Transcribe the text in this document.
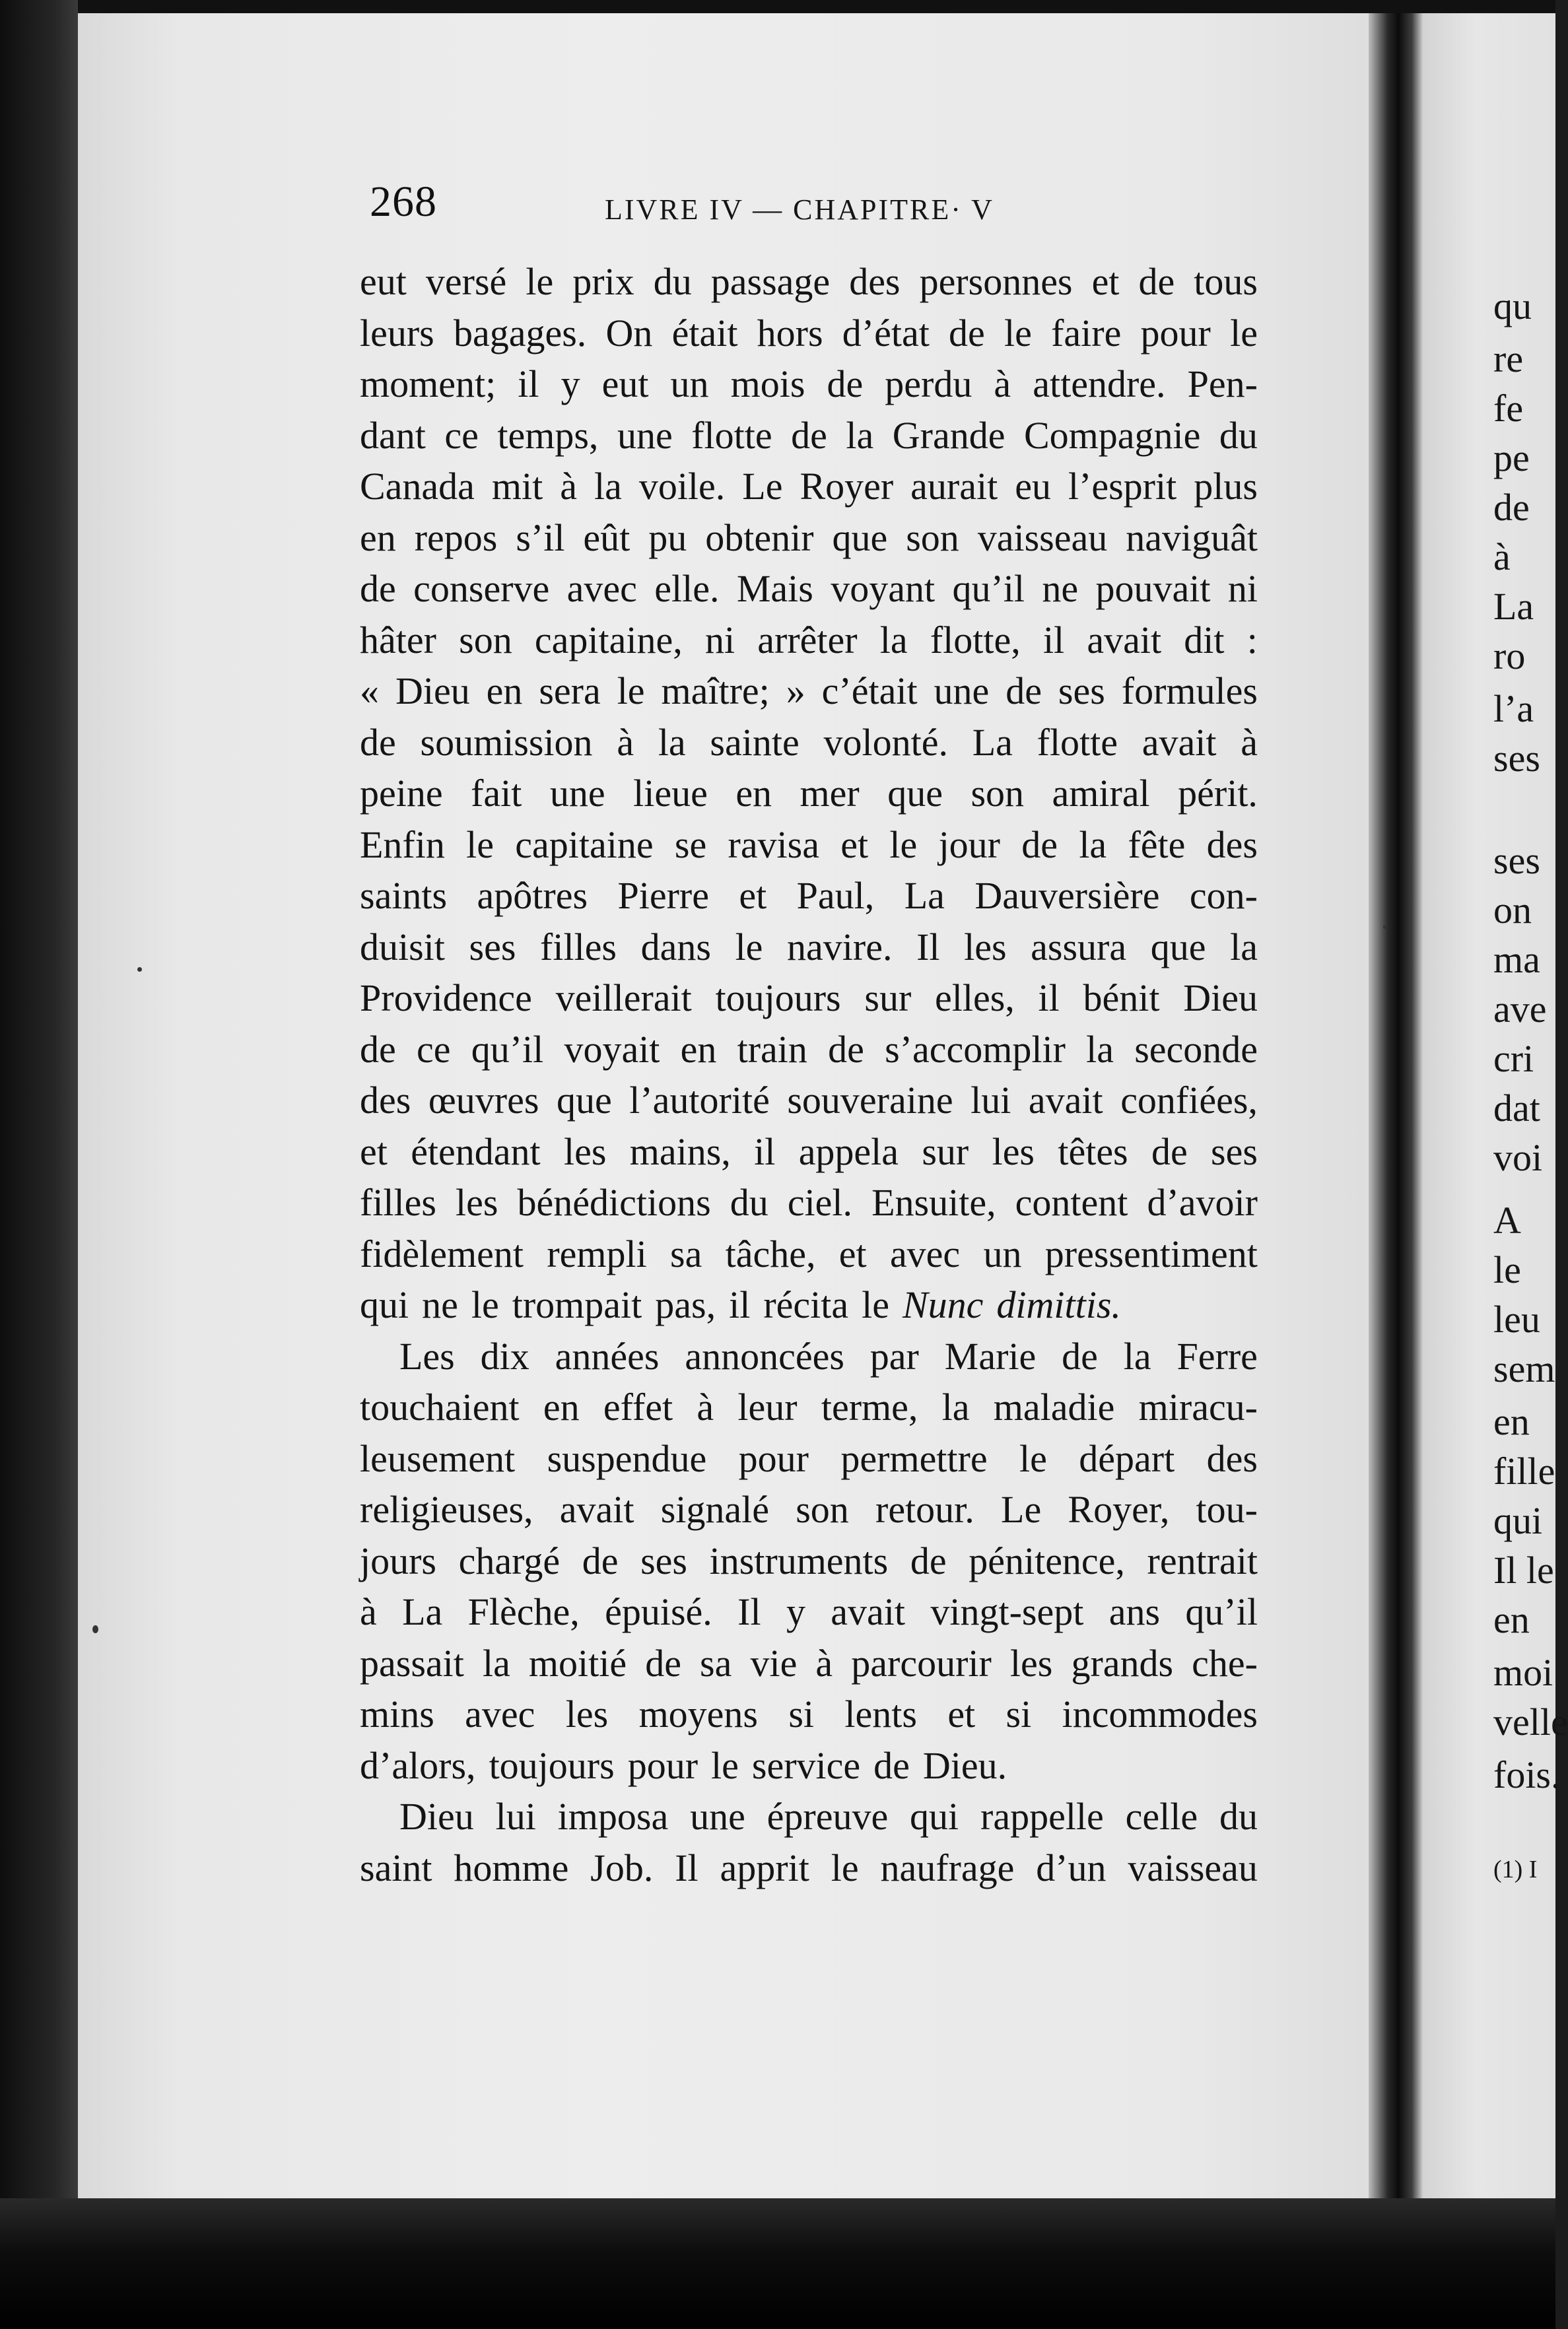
268	LIVRE IV — CHAPITRE· V
eut versé le prix du passage des personnes et de tous
leurs bagages. On était hors d’état de le faire pour le
moment; il y eut un mois de perdu à attendre. Pen-
dant ce temps, une flotte de la Grande Compagnie du
Canada mit à la voile. Le Royer aurait eu l’esprit plus
en repos s’il eût pu obtenir que son vaisseau naviguât
de conserve avec elle. Mais voyant qu’il ne pouvait ni
hâter son capitaine, ni arrêter la flotte, il avait dit :
« Dieu en sera le maître; » c’était une de ses formules
de soumission à la sainte volonté. La flotte avait à
peine fait une lieue en mer que son amiral périt.
Enfin le capitaine se ravisa et le jour de la fête des
saints apôtres Pierre et Paul, La Dauversière con-
duisit ses filles dans le navire. Il les assura que la
Providence veillerait toujours sur elles, il bénit Dieu
de ce qu’il voyait en train de s’accomplir la seconde
des œuvres que l’autorité souveraine lui avait confiées,
et étendant les mains, il appela sur les têtes de ses
filles les bénédictions du ciel. Ensuite, content d’avoir
fidèlement rempli sa tâche, et avec un pressentiment
qui ne le trompait pas, il récita le Nunc dimittis.
Les dix années annoncées par Marie de la Ferre
touchaient en effet à leur terme, la maladie miracu-
leusement suspendue pour permettre le départ des
religieuses, avait signalé son retour. Le Royer, tou-
jours chargé de ses instruments de pénitence, rentrait
à La Flèche, épuisé. Il y avait vingt-sept ans qu’il
passait la moitié de sa vie à parcourir les grands che-
mins avec les moyens si lents et si incommodes
d’alors, toujours pour le service de Dieu.
Dieu lui imposa une épreuve qui rappelle celle du
saint homme Job. Il apprit le naufrage d’un vaisseau
qu
re
fe
pe
de
à
La
ro
l’a
ses
ses
on
ma
ave
cri
dat
voi
A
le
leu
sem
en
fille
qui
Il le
en
moi
velle
fois.
(1) I
